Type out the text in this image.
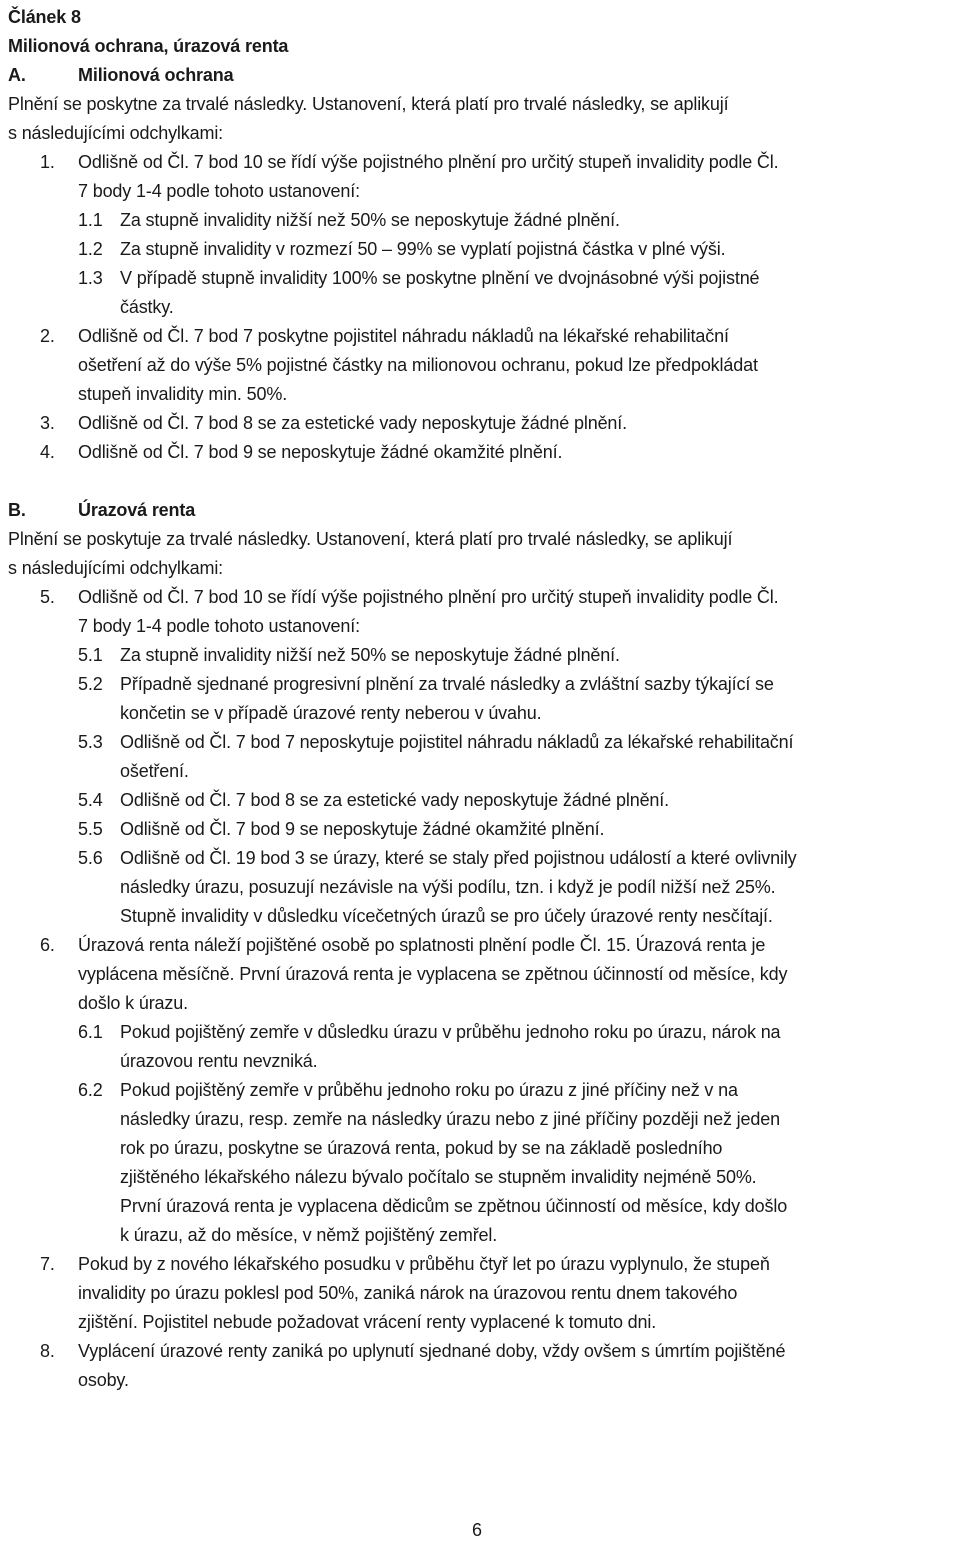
Článek 8
Milionová ochrana, úrazová renta
A.	Milionová ochrana
Plnění se poskytne za trvalé následky. Ustanovení, která platí pro trvalé následky, se aplikují
s následujícími odchylkami:
1. Odlišně od Čl. 7 bod 10 se řídí výše pojistného plnění pro určitý stupeň invalidity podle Čl.
7 body 1-4 podle tohoto ustanovení:
1.1 Za stupně invalidity nižší než 50% se neposkytuje žádné plnění.
1.2 Za stupně invalidity v rozmezí 50 – 99% se vyplatí pojistná částka v plné výši.
1.3 V případě stupně invalidity 100% se poskytne plnění ve dvojnásobné výši pojistné
částky.
2. Odlišně od Čl. 7 bod 7 poskytne pojistitel náhradu nákladů na lékařské rehabilitační
ošetření až do výše 5% pojistné částky na milionovou ochranu, pokud lze předpokládat
stupeň invalidity min. 50%.
3. Odlišně od Čl. 7 bod 8 se za estetické vady neposkytuje žádné plnění.
4. Odlišně od Čl. 7 bod 9 se neposkytuje žádné okamžité plnění.
B.	Úrazová renta
Plnění se poskytuje za trvalé následky. Ustanovení, která platí pro trvalé následky, se aplikují
s následujícími odchylkami:
5. Odlišně od Čl. 7 bod 10 se řídí výše pojistného plnění pro určitý stupeň invalidity podle Čl.
7 body 1-4 podle tohoto ustanovení:
5.1 Za stupně invalidity nižší než 50% se neposkytuje žádné plnění.
5.2 Případně sjednané progresivní plnění za trvalé následky a zvláštní sazby týkající se
končetin se v případě úrazové renty neberou v úvahu.
5.3 Odlišně od Čl. 7 bod 7 neposkytuje pojistitel náhradu nákladů za lékařské rehabilitační
ošetření.
5.4 Odlišně od Čl. 7 bod 8 se za estetické vady neposkytuje žádné plnění.
5.5 Odlišně od Čl. 7 bod 9 se neposkytuje žádné okamžité plnění.
5.6 Odlišně od Čl. 19 bod 3 se úrazy, které se staly před pojistnou událostí a které ovlivnily
následky úrazu, posuzují nezávisle na výši podílu, tzn. i když je podíl nižší než 25%.
Stupně invalidity v důsledku vícečetných úrazů se pro účely úrazové renty nesčítají.
6. Úrazová renta náleží pojištěné osobě po splatnosti plnění podle Čl. 15. Úrazová renta je
vyplácena měsíčně. První úrazová renta je vyplacena se zpětnou účinností od měsíce, kdy
došlo k úrazu.
6.1 Pokud pojištěný zemře v důsledku úrazu v průběhu jednoho roku po úrazu, nárok na
úrazovou rentu nevzniká.
6.2 Pokud pojištěný zemře v průběhu jednoho roku po úrazu z jiné příčiny než v na
následky úrazu, resp. zemře na následky úrazu nebo z jiné příčiny později než jeden
rok po úrazu, poskytne se úrazová renta, pokud by se na základě posledního
zjištěného lékařského nálezu bývalo počítalo se stupněm invalidity nejméně 50%.
První úrazová renta je vyplacena dědicům se zpětnou účinností od měsíce, kdy došlo
k úrazu, až do měsíce, v němž pojištěný zemřel.
7. Pokud by z nového lékařského posudku v průběhu čtyř let po úrazu vyplynulo, že stupeň
invalidity po úrazu poklesl pod 50%, zaniká nárok na úrazovou rentu dnem takového
zjištění. Pojistitel nebude požadovat vrácení renty vyplacené k tomuto dni.
8. Vyplácení úrazové renty zaniká po uplynutí sjednané doby, vždy ovšem s úmrtím pojištěné
osoby.
6
